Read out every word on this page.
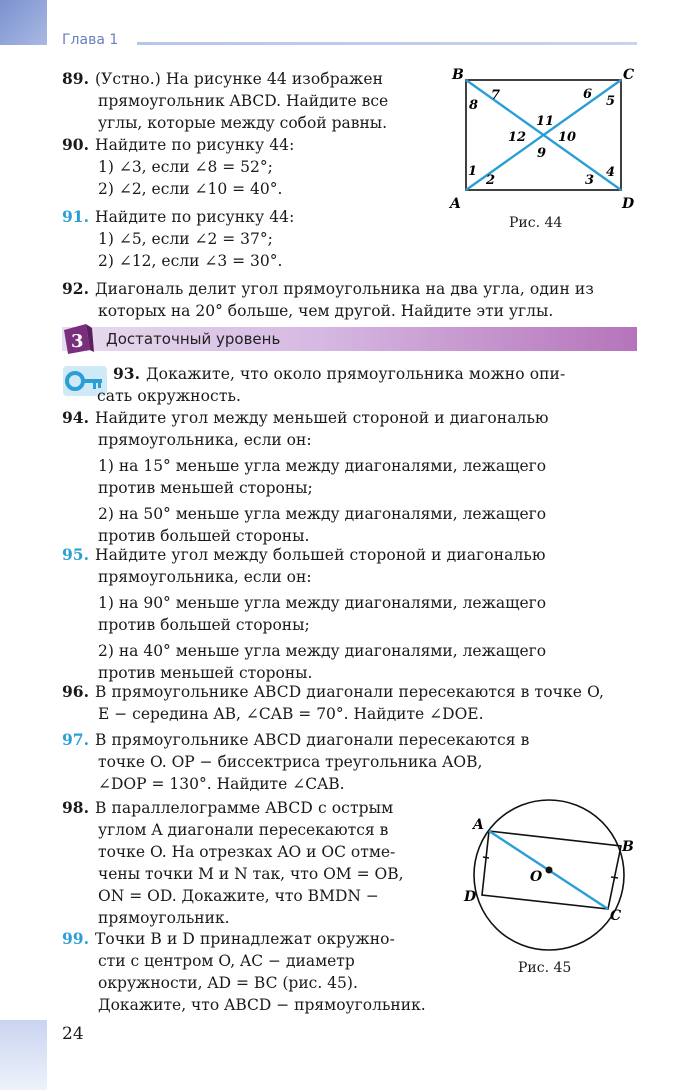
Глава 1
89. (Устно.) На рисунке 44 изображен

прямоугольник ABCD. Найдите все
углы, которые между собой равны.
90. Найдите по рисунку 44:

1) ∠3, если ∠8 = 52°;
2) ∠2, если ∠10 = 40°.
91. Найдите по рисунку 44:

1) ∠5, если ∠2 = 37°;
2) ∠12, если ∠3 = 30°.
92. Диагональ делит угол прямоугольника на два угла, один из

которых на 20° больше, чем другой. Найдите эти углы.
A
B	C
D
1
2	3
4
5
6
7
8
9
10
11
12
Рис. 44
Достаточный уровень
3
93. Докажите, что около прямоугольника можно опи-
сать окружность.
94. Найдите угол между меньшей стороной и диагональю

прямоугольника, если он:
1) на 15° меньше угла между диагоналями, лежащего
против меньшей стороны;
2) на 50° меньше угла между диагоналями, лежащего
против большей стороны.
95. Найдите угол между большей стороной и диагональю

прямоугольника, если он:
1) на 90° меньше угла между диагоналями, лежащего
против большей стороны;
2) на 40° меньше угла между диагоналями, лежащего
против меньшей стороны.
96. В прямоугольнике ABCD диагонали пересекаются в точке O,

E − середина AB, ∠CAB = 70°. Найдите ∠DOE.
97. В прямоугольнике ABCD диагонали пересекаются в

точке O. OP − биссектриса треугольника AOB,
∠DOP = 130°. Найдите ∠CAB.
98. В параллелограмме ABCD с острым

углом A диагонали пересекаются в
точке O. На отрезках AO и OC отме-
чены точки M и N так, что OM = OB,
ON = OD. Докажите, что BMDN −
прямоугольник.
99. Точки B и D принадлежат окружно-

сти с центром O, AC − диаметр
окружности, AD = BC (рис. 45).
Докажите, что ABCD − прямоугольник.
A
B
C
D
O
Рис. 45
24
